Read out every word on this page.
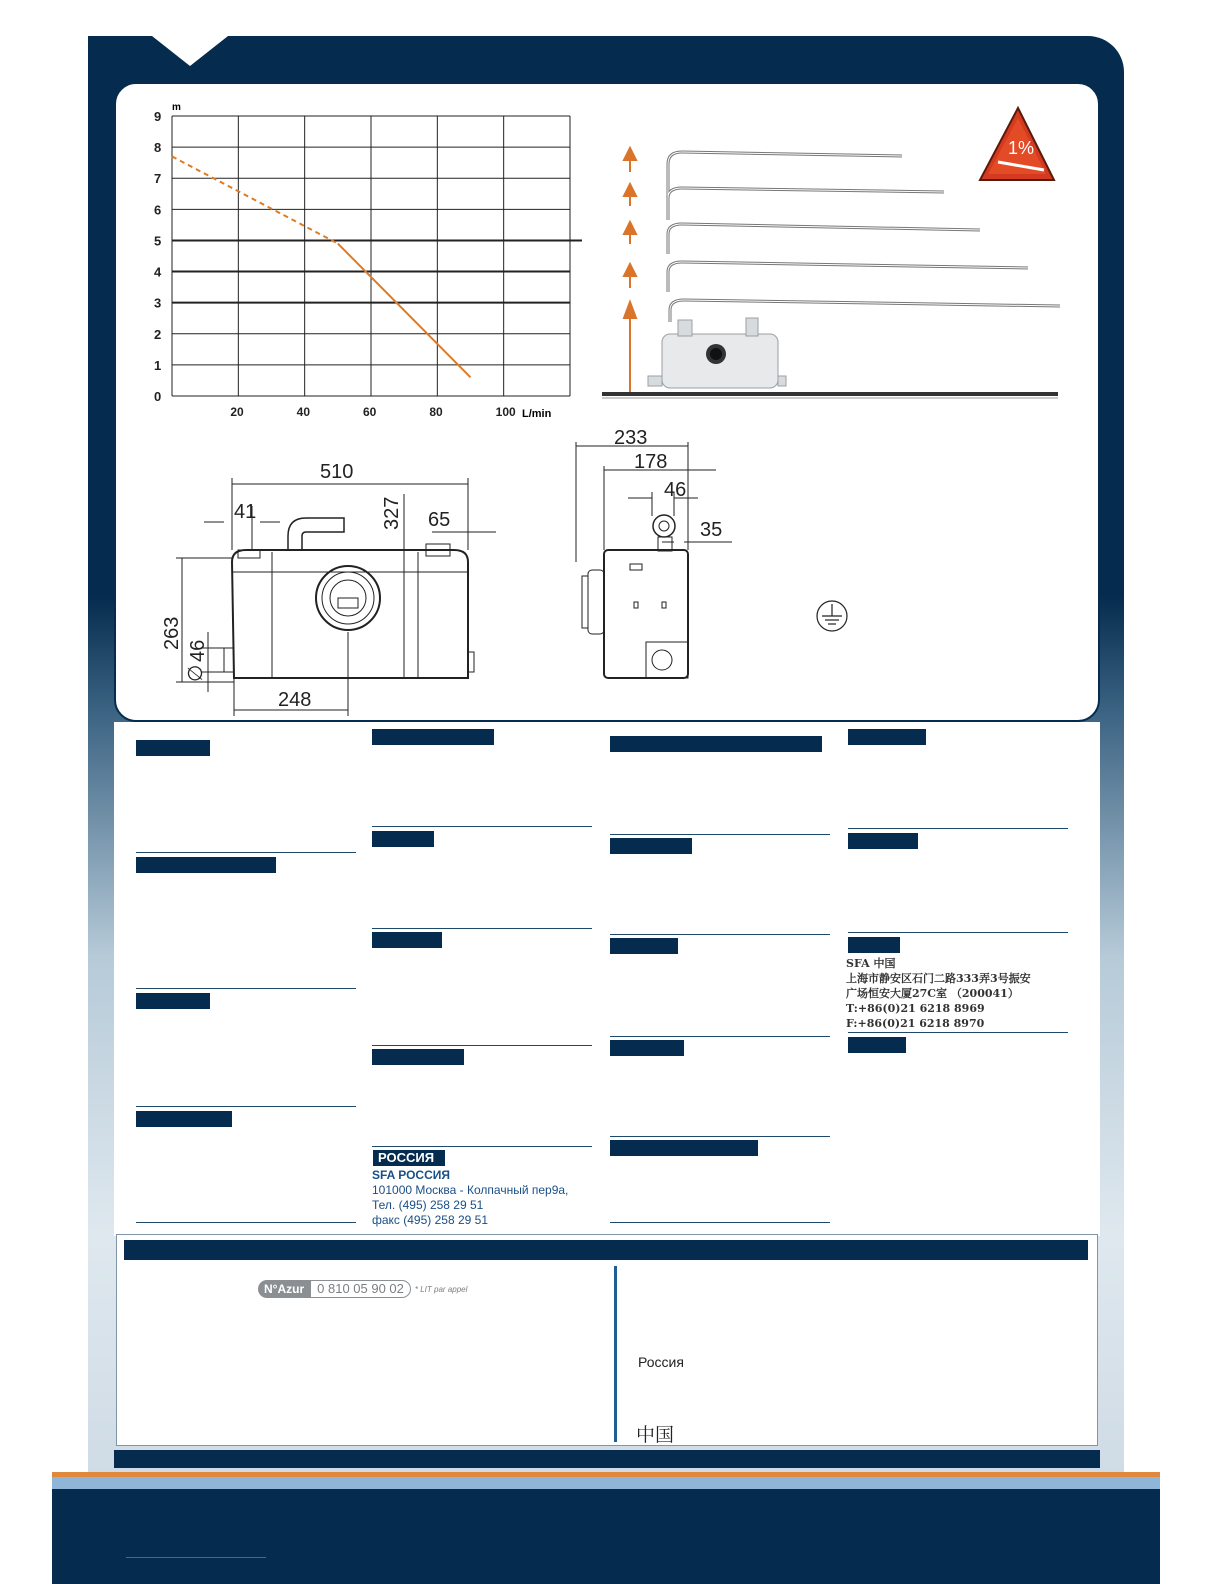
0
1
2
3
4
5
6
7
8
9
20	40	60	80	100
m
L/min
1%
510
41	65
327
263
∅
46
248
233
178
46
35
РОССИЯ
SFA РОССИЯ
101000 Москва - Колпачный пер9а,
Тел. (495) 258 29 51
факс (495) 258 29 51
SFA 中国
上海市静安区石门二路333弄3号振安
广场恒安大厦27C室 （200041）
T:+86(0)21 6218 8969
F:+86(0)21 6218 8970
N°Azur	0 810 05 90 02	* LIT par appel
Россия
中国
